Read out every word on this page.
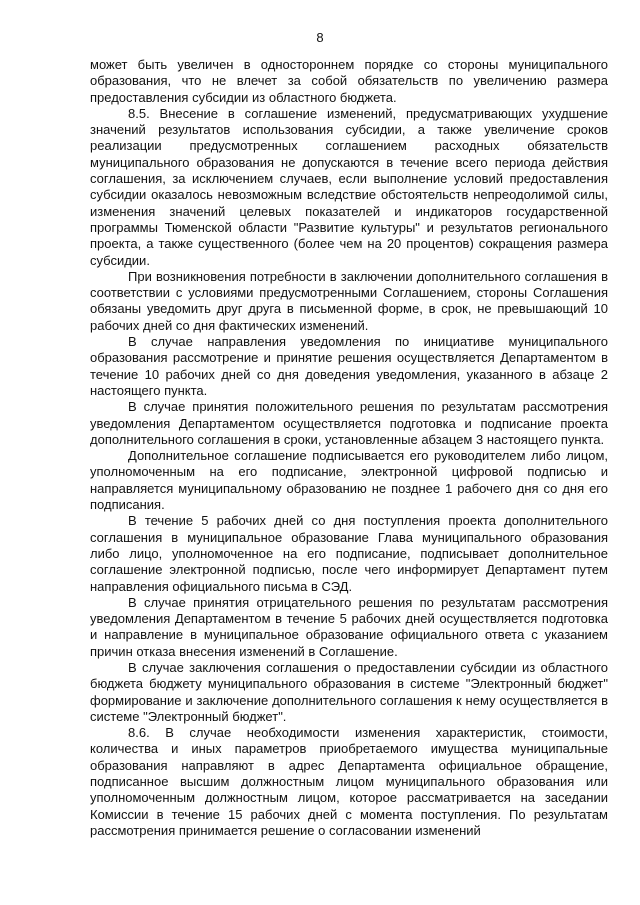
8

может быть увеличен в одностороннем порядке со стороны муниципального образования, что не влечет за собой обязательств по увеличению размера предоставления субсидии из областного бюджета.

8.5. Внесение в соглашение изменений, предусматривающих ухудшение значений результатов использования субсидии, а также увеличение сроков реализации предусмотренных соглашением расходных обязательств муниципального образования не допускаются в течение всего периода действия соглашения, за исключением случаев, если выполнение условий предоставления субсидии оказалось невозможным вследствие обстоятельств непреодолимой силы, изменения значений целевых показателей и индикаторов государственной программы Тюменской области "Развитие культуры" и результатов регионального проекта, а также существенного (более чем на 20 процентов) сокращения размера субсидии.

При возникновения потребности в заключении дополнительного соглашения в соответствии с условиями предусмотренными Соглашением, стороны Соглашения обязаны уведомить друг друга в письменной форме, в срок, не превышающий 10 рабочих дней со дня фактических изменений.

В случае направления уведомления по инициативе муниципального образования рассмотрение и принятие решения осуществляется Департаментом в течение 10 рабочих дней со дня доведения уведомления, указанного в абзаце 2 настоящего пункта.

В случае принятия положительного решения по результатам рассмотрения уведомления Департаментом осуществляется подготовка и подписание проекта дополнительного соглашения в сроки, установленные абзацем 3 настоящего пункта.

Дополнительное соглашение подписывается его руководителем либо лицом, уполномоченным на его подписание, электронной цифровой подписью и направляется муниципальному образованию не позднее 1 рабочего дня со дня его подписания.

В течение 5 рабочих дней со дня поступления проекта дополнительного соглашения в муниципальное образование Глава муниципального образования либо лицо, уполномоченное на его подписание, подписывает дополнительное соглашение электронной подписью, после чего информирует Департамент путем направления официального письма в СЭД.

В случае принятия отрицательного решения по результатам рассмотрения уведомления Департаментом в течение 5 рабочих дней осуществляется подготовка и направление в муниципальное образование официального ответа с указанием причин отказа внесения изменений в Соглашение.

В случае заключения соглашения о предоставлении субсидии из областного бюджета бюджету муниципального образования в системе "Электронный бюджет" формирование и заключение дополнительного соглашения к нему осуществляется в системе "Электронный бюджет".

8.6. В случае необходимости изменения характеристик, стоимости, количества и иных параметров приобретаемого имущества муниципальные образования направляют в адрес Департамента официальное обращение, подписанное высшим должностным лицом муниципального образования или уполномоченным должностным лицом, которое рассматривается на заседании Комиссии в течение 15 рабочих дней с момента поступления. По результатам рассмотрения принимается решение о согласовании изменений
